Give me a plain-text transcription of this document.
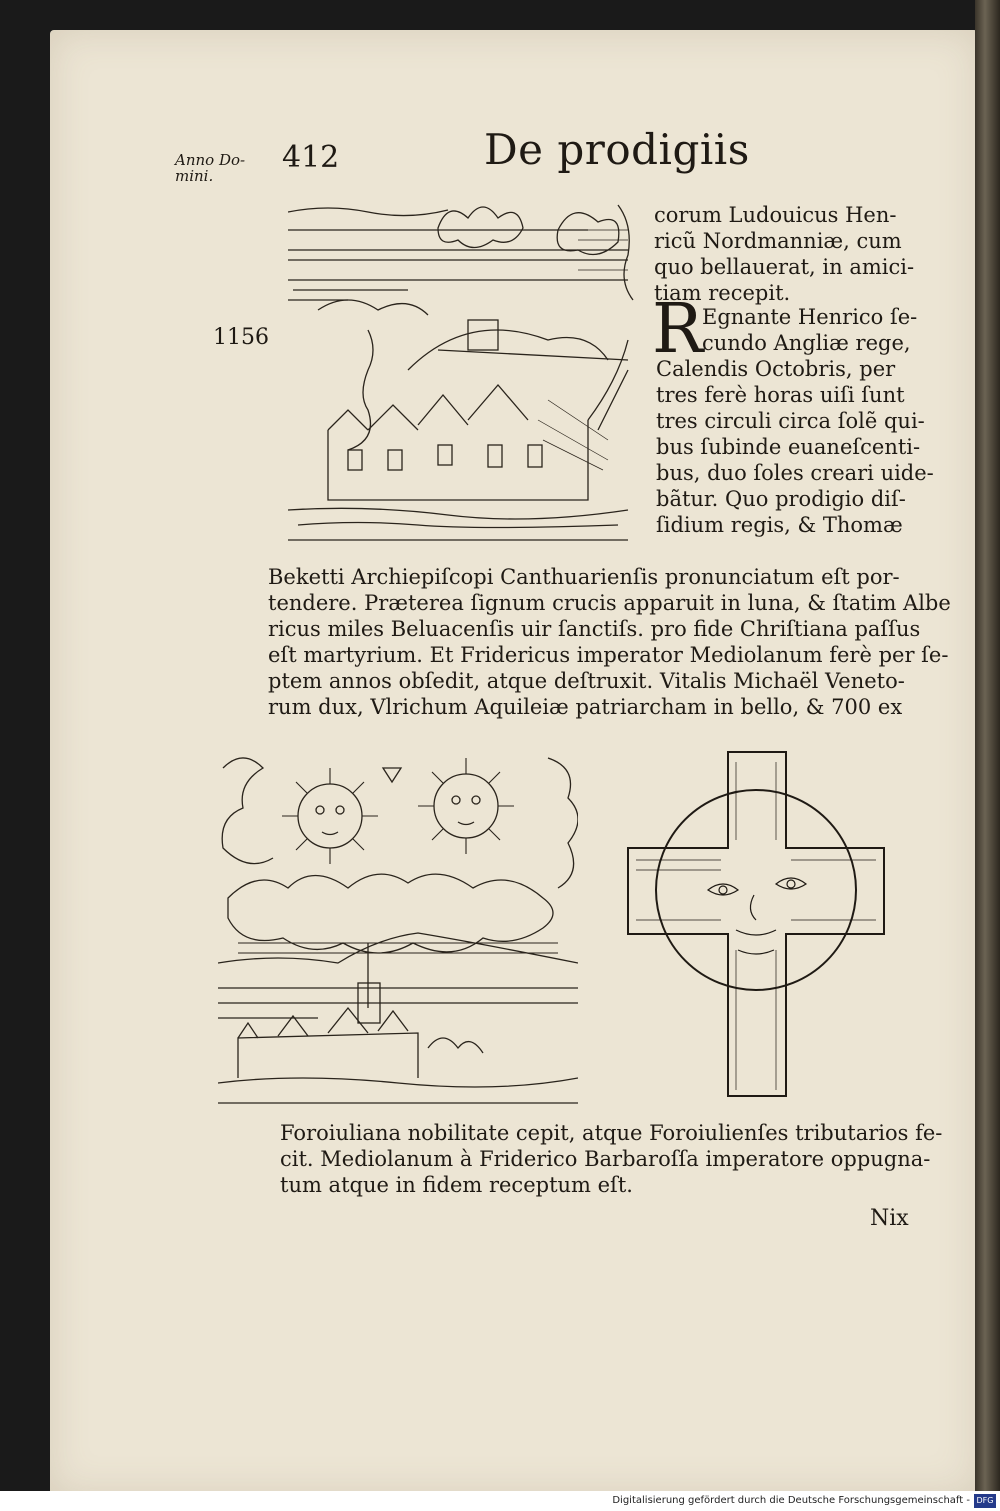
Anno Do-
mini.
412	De prodigiis
corum Ludouicus Hen-
ricũ Nordmanniæ, cum
quo bellauerat, in amici-
tiam recepit.
1156	R
Egnante Henrico ſe-
cundo Angliæ rege,
Calendis Octobris, per
tres ferè horas uiſi ſunt
tres circuli circa ſolẽ qui-
bus ſubinde euaneſcenti-
bus, duo ſoles creari uide-
bãtur. Quo prodigio diſ-
ſidium regis, & Thomæ
Beketti Archiepiſcopi Canthuarienſis pronunciatum eſt por-
tendere. Præterea ſignum crucis apparuit in luna, & ſtatim Albe
ricus miles Beluacenſis uir ſanctiſs. pro fide Chriſtiana paſſus
eſt martyrium. Et Fridericus imperator Mediolanum ferè per ſe-
ptem annos obſedit, atque deſtruxit. Vitalis Michaël Veneto-
rum dux, Vlrichum Aquileiæ patriarcham in bello, & 700 ex
Foroiuliana nobilitate cepit, atque Foroiulienſes tributarios fe-
cit. Mediolanum à Friderico Barbaroſſa imperatore oppugna-
tum atque in fidem receptum eſt.
Nix
Digitalisierung gefördert durch die Deutsche Forschungsgemeinschaft - DFG
